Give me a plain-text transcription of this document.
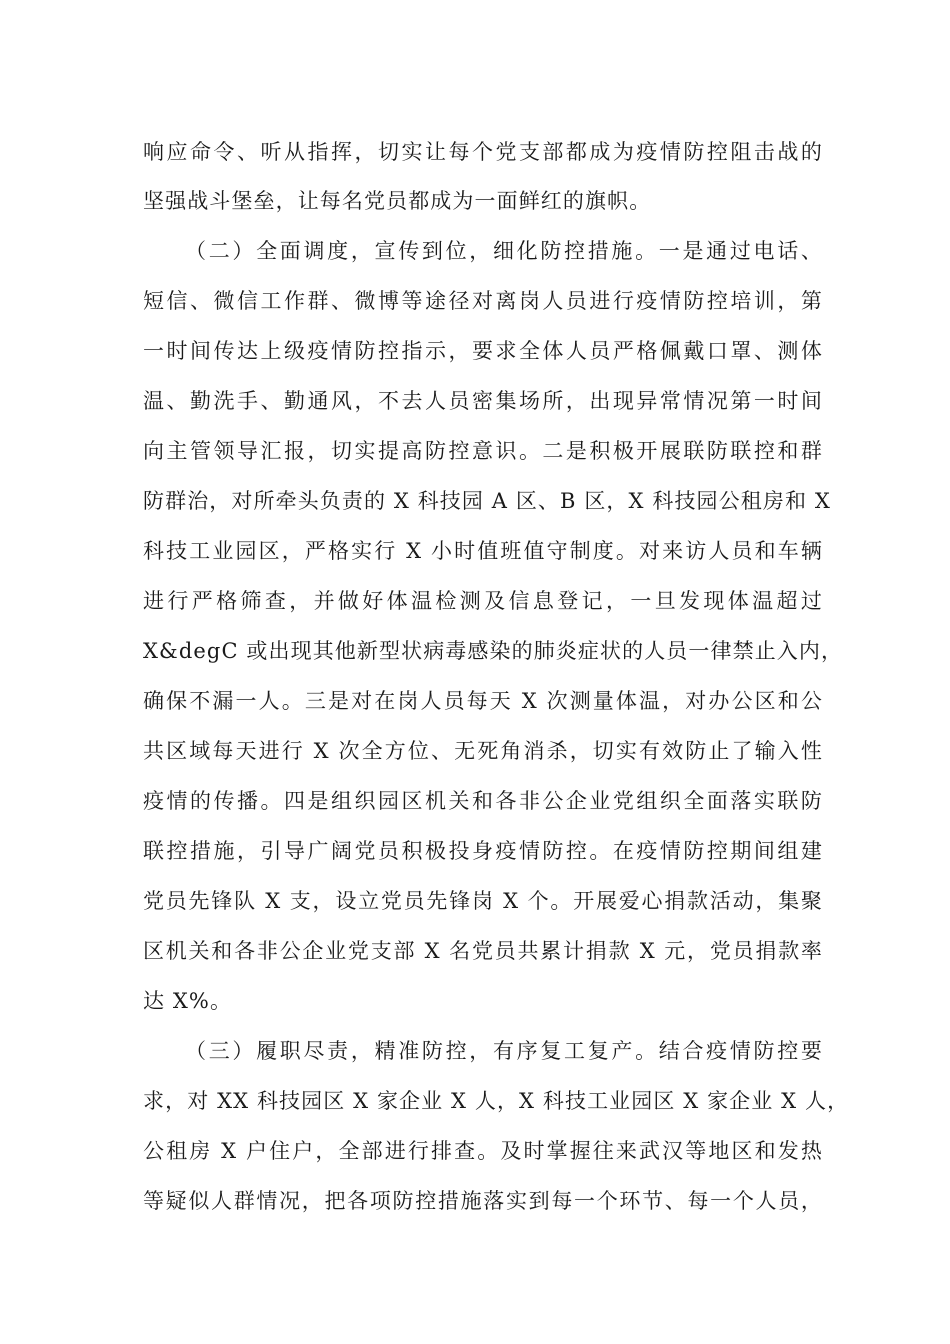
响应命令、听从指挥，切实让每个党支部都成为疫情防控阻击战的
坚强战斗堡垒，让每名党员都成为一面鲜红的旗帜。
（二）全面调度，宣传到位，细化防控措施。一是通过电话、
短信、微信工作群、微博等途径对离岗人员进行疫情防控培训，第
一时间传达上级疫情防控指示，要求全体人员严格佩戴口罩、测体
温、勤洗手、勤通风，不去人员密集场所，出现异常情况第一时间
向主管领导汇报，切实提高防控意识。二是积极开展联防联控和群
防群治，对所牵头负责的 X 科技园 A 区、B 区，X 科技园公租房和 X
科技工业园区，严格实行 X 小时值班值守制度。对来访人员和车辆
进行严格筛查，并做好体温检测及信息登记，一旦发现体温超过
X&degC 或出现其他新型状病毒感染的肺炎症状的人员一律禁止入内，
确保不漏一人。三是对在岗人员每天 X 次测量体温，对办公区和公
共区域每天进行 X 次全方位、无死角消杀，切实有效防止了输入性
疫情的传播。四是组织园区机关和各非公企业党组织全面落实联防
联控措施，引导广阔党员积极投身疫情防控。在疫情防控期间组建
党员先锋队 X 支，设立党员先锋岗 X 个。开展爱心捐款活动，集聚
区机关和各非公企业党支部 X 名党员共累计捐款 X 元，党员捐款率
达 X%。
（三）履职尽责，精准防控，有序复工复产。结合疫情防控要
求，对 XX 科技园区 X 家企业 X 人，X 科技工业园区 X 家企业 X 人，
公租房 X 户住户，全部进行排查。及时掌握往来武汉等地区和发热
等疑似人群情况，把各项防控措施落实到每一个环节、每一个人员，
